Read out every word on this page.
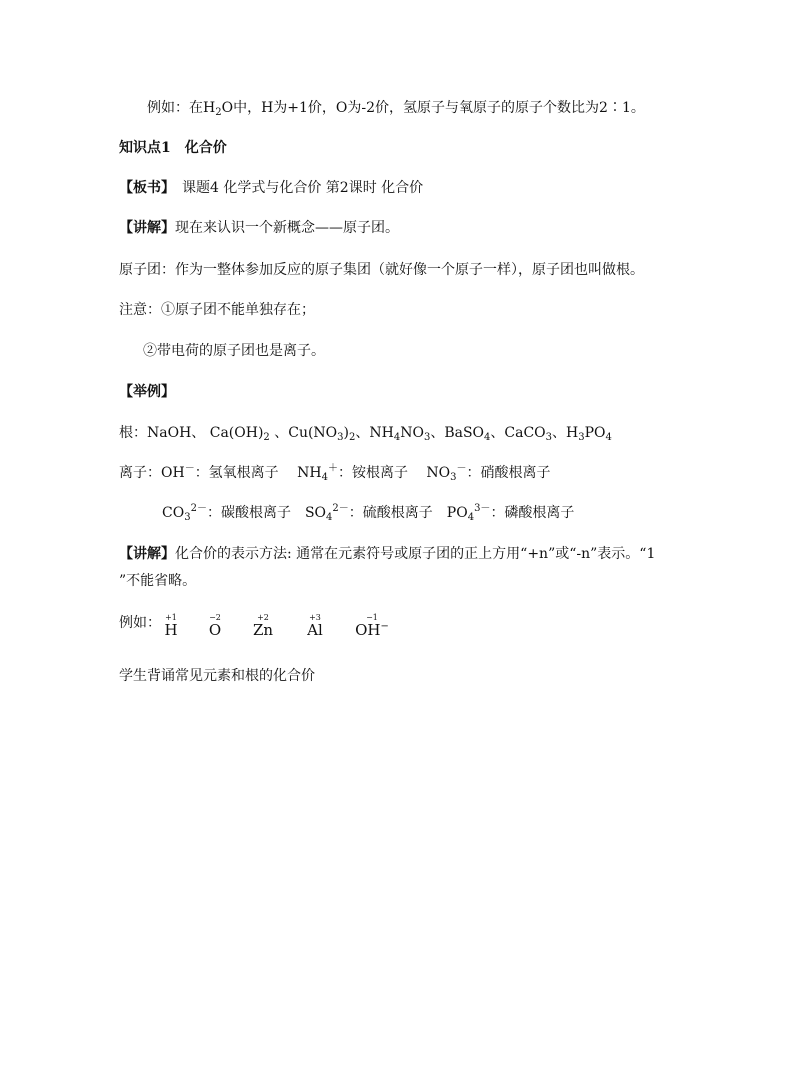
例如：在$H_2O$中，H为+1价，O为-2价，氢原子与氧原子的原子个数比为2∶1。
知识点1　化合价
【板书】　课题4 化学式与化合价 第2课时 化合价
【讲解】现在来认识一个新概念——原子团。
原子团：作为一整体参加反应的原子集团（就好像一个原子一样），原子团也叫做根。
注意：①原子团不能单独存在；
②带电荷的原子团也是离子。
【举例】
根：NaOH、 $Ca(OH)_2$ 、$Cu(NO_3)_2$、$NH_4NO_3$、BaSO$_4$、CaCO$_3$、$H_3PO_4$
离子：OH－：氢氧根离子　 $NH_4^+$：铵根离子　 $NO_3^-$：硝酸根离子
$CO_3^{2-}$：碳酸根离子　$SO_4^{2-}$：硫酸根离子　$PO_4^{3-}$：磷酸根离子
【讲解】化合价的表示方法: 通常在元素符号或原子团的正上方用“+n”或“-n”表示。“1
”不能省略。
例如： +1
H
−2
O
+2
Zn
+3
Al
−1
OH−
学生背诵常见元素和根的化合价
